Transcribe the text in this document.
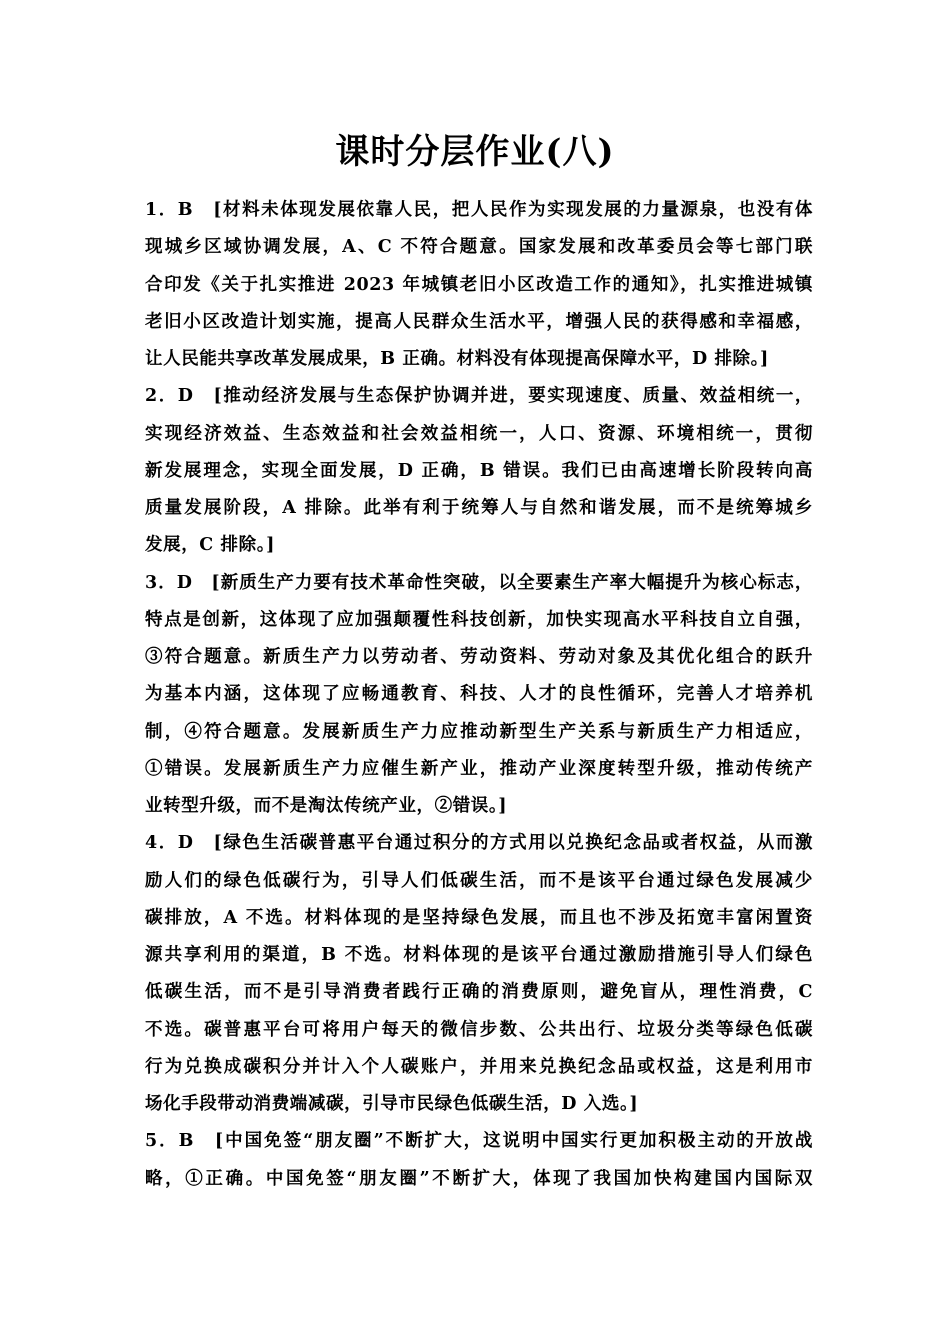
课时分层作业(八)
1．B　[材料未体现发展依靠人民，把人民作为实现发展的力量源泉，也没有体
现城乡区域协调发展，A、C 不符合题意。国家发展和改革委员会等七部门联
合印发《关于扎实推进 2023 年城镇老旧小区改造工作的通知》，扎实推进城镇
老旧小区改造计划实施，提高人民群众生活水平，增强人民的获得感和幸福感，
让人民能共享改革发展成果，B 正确。材料没有体现提高保障水平，D 排除。]
2．D　[推动经济发展与生态保护协调并进，要实现速度、质量、效益相统一，
实现经济效益、生态效益和社会效益相统一，人口、资源、环境相统一，贯彻
新发展理念，实现全面发展，D 正确，B 错误。我们已由高速增长阶段转向高
质量发展阶段，A 排除。此举有利于统筹人与自然和谐发展，而不是统筹城乡
发展，C 排除。]
3．D　[新质生产力要有技术革命性突破，以全要素生产率大幅提升为核心标志，
特点是创新，这体现了应加强颠覆性科技创新，加快实现高水平科技自立自强，
③符合题意。新质生产力以劳动者、劳动资料、劳动对象及其优化组合的跃升
为基本内涵，这体现了应畅通教育、科技、人才的良性循环，完善人才培养机
制，④符合题意。发展新质生产力应推动新型生产关系与新质生产力相适应，
①错误。发展新质生产力应催生新产业，推动产业深度转型升级，推动传统产
业转型升级，而不是淘汰传统产业，②错误。]
4．D　[绿色生活碳普惠平台通过积分的方式用以兑换纪念品或者权益，从而激
励人们的绿色低碳行为，引导人们低碳生活，而不是该平台通过绿色发展减少
碳排放，A 不选。材料体现的是坚持绿色发展，而且也不涉及拓宽丰富闲置资
源共享利用的渠道，B 不选。材料体现的是该平台通过激励措施引导人们绿色
低碳生活，而不是引导消费者践行正确的消费原则，避免盲从，理性消费，C
不选。碳普惠平台可将用户每天的微信步数、公共出行、垃圾分类等绿色低碳
行为兑换成碳积分并计入个人碳账户，并用来兑换纪念品或权益，这是利用市
场化手段带动消费端减碳，引导市民绿色低碳生活，D 入选。]
5．B　[中国免签“朋友圈”不断扩大，这说明中国实行更加积极主动的开放战
略，①正确。中国免签“朋友圈”不断扩大，体现了我国加快构建国内国际双
